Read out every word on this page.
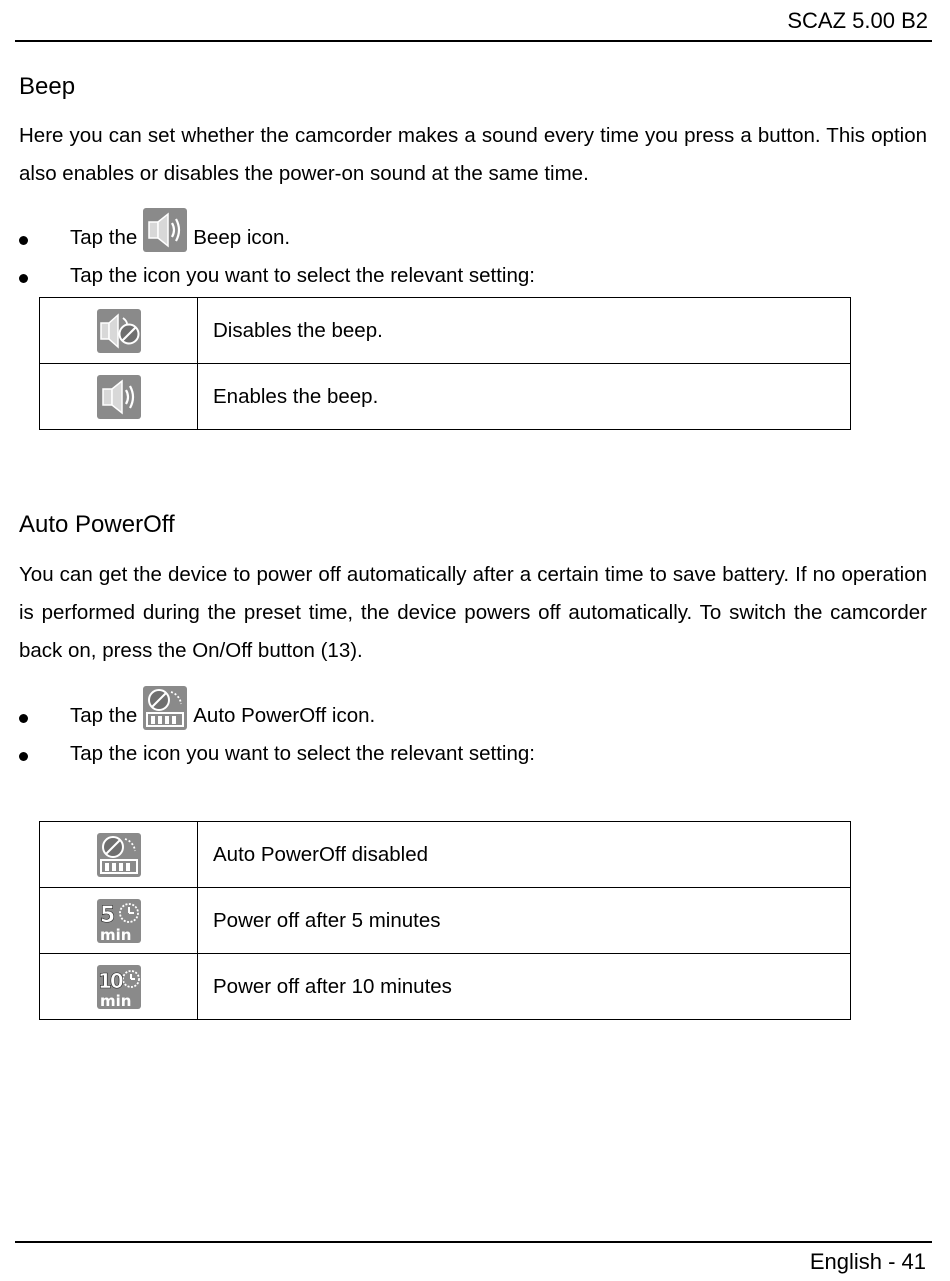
SCAZ 5.00 B2
Beep
Here you can set whether the camcorder makes a sound every time you press a button. This option also enables or disables the power-on sound at the same time.
Tap the	Beep icon.
Tap the icon you want to select the relevant setting:
	Disables the beep.

	Enables the beep.
Auto PowerOff
You can get the device to power off automatically after a certain time to save battery. If no operation is performed during the preset time, the device powers off automatically. To switch the camcorder back on, press the On/Off button (13).
Tap the	Auto PowerOff icon.
Tap the icon you want to select the relevant setting:
	Auto PowerOff disabled

5
min	Power off after 5 minutes

10
min	Power off after 10 minutes
English - 41
